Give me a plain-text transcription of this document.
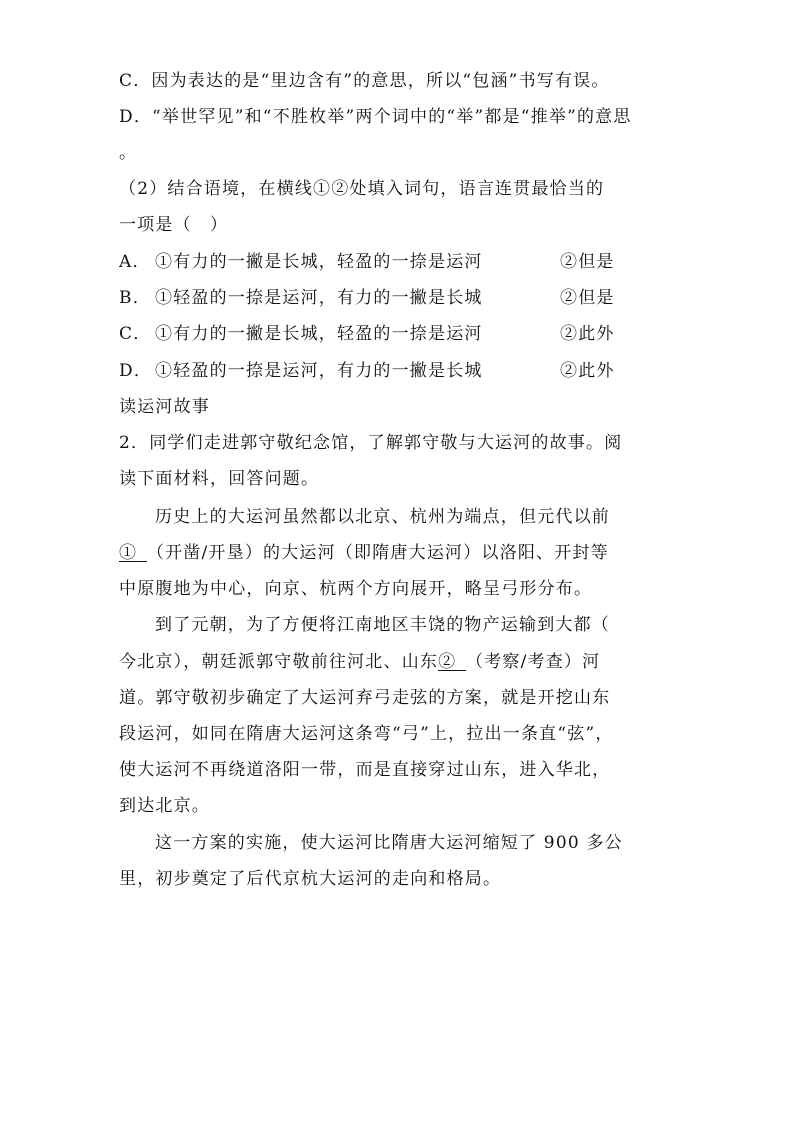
C．因为表达的是“里边含有”的意思，所以“包涵”书写有误。
D．“举世罕见”和“不胜枚举”两个词中的“举”都是“推举”的意思
。
（2）结合语境，在横线①②处填入词句，语言连贯最恰当的
一项是（　）
A． ①有力的一撇是长城，轻盈的一捺是运河	②但是
B． ①轻盈的一捺是运河，有力的一撇是长城	②但是
C． ①有力的一撇是长城，轻盈的一捺是运河	②此外
D． ①轻盈的一捺是运河，有力的一撇是长城	②此外
读运河故事
2．同学们走进郭守敬纪念馆，了解郭守敬与大运河的故事。阅
读下面材料，回答问题。
历史上的大运河虽然都以北京、杭州为端点，但元代以前
①  （开凿/开垦）的大运河（即隋唐大运河）以洛阳、开封等
中原腹地为中心，向京、杭两个方向展开，略呈弓形分布。
到了元朝，为了方便将江南地区丰饶的物产运输到大都（
今北京），朝廷派郭守敬前往河北、山东②  （考察/考查）河
道。郭守敬初步确定了大运河弃弓走弦的方案，就是开挖山东
段运河，如同在隋唐大运河这条弯“弓”上，拉出一条直“弦”，
使大运河不再绕道洛阳一带，而是直接穿过山东，进入华北，
到达北京。
这一方案的实施，使大运河比隋唐大运河缩短了 900 多公
里，初步奠定了后代京杭大运河的走向和格局。
